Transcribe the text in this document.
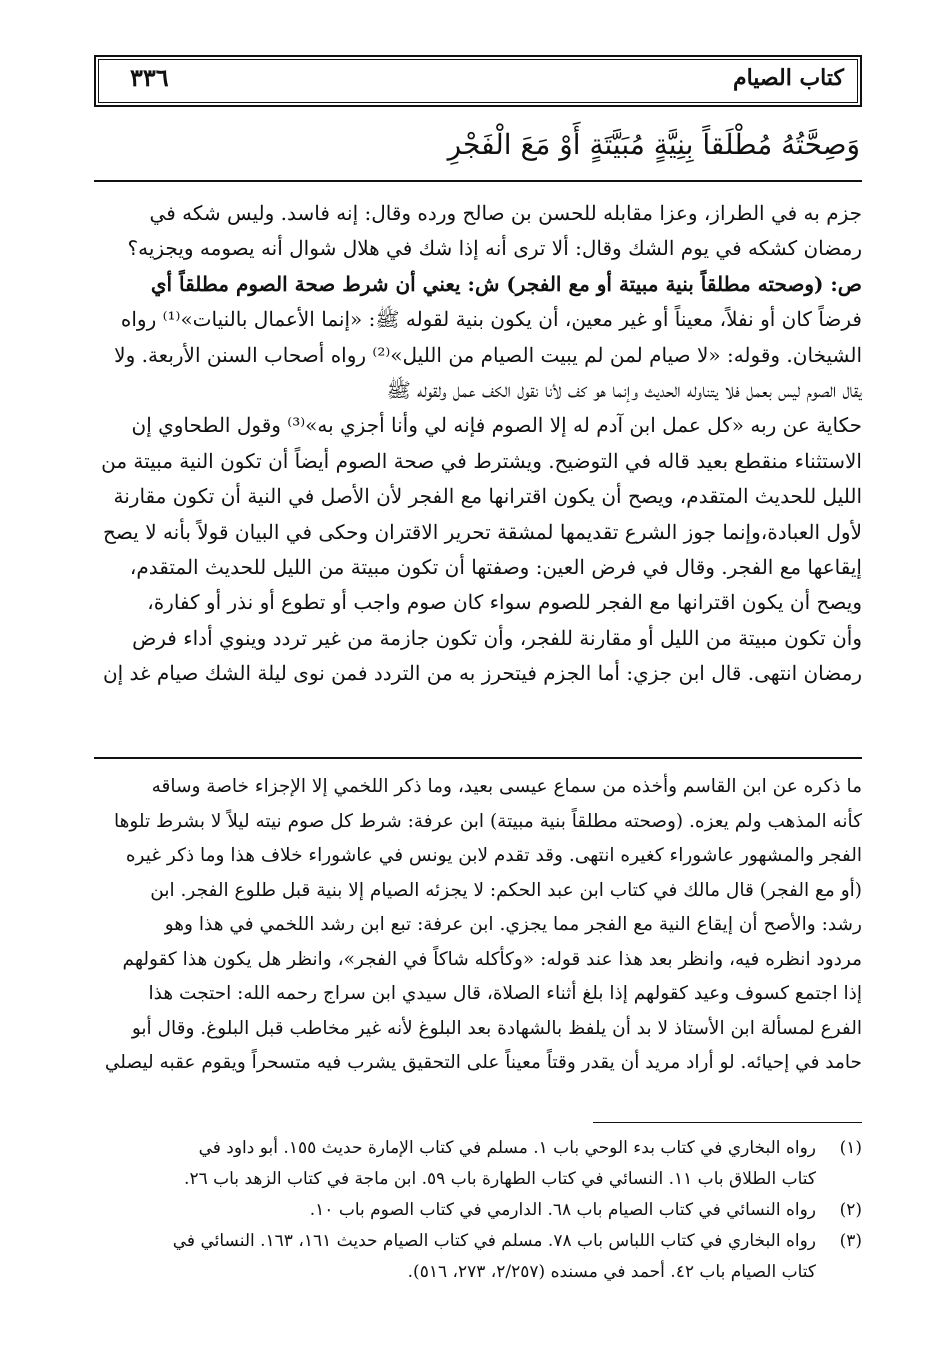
٣٣٦	كتاب الصيام
وَصِحَّتُهُ مُطْلَقاً بِنِيَّةٍ مُبَيَّتَةٍ أَوْ مَعَ الْفَجْرِ
جزم به في الطراز، وعزا مقابله للحسن بن صالح ورده وقال: إنه فاسد. وليس شكه في
رمضان كشكه في يوم الشك وقال: ألا ترى أنه إذا شك في هلال شوال أنه يصومه ويجزيه؟
ص: (وصحته مطلقاً بنية مبيتة أو مع الفجر) ش: يعني أن شرط صحة الصوم مطلقاً أي
فرضاً كان أو نفلاً، معيناً أو غير معين، أن يكون بنية لقوله ﷺ: «إنما الأعمال بالنيات»⁽¹⁾ رواه
الشيخان. وقوله: «لا صيام لمن لم يبيت الصيام من الليل»⁽²⁾ رواه أصحاب السنن الأربعة. ولا
يقال الصوم ليس بعمل فلا يتناوله الحديث وإنما هو كف لأنا نقول الكف عمل ولقوله ﷺ
حكاية عن ربه «كل عمل ابن آدم له إلا الصوم فإنه لي وأنا أجزي به»⁽³⁾ وقول الطحاوي إن
الاستثناء منقطع بعيد قاله في التوضيح. ويشترط في صحة الصوم أيضاً أن تكون النية مبيتة من
الليل للحديث المتقدم، ويصح أن يكون اقترانها مع الفجر لأن الأصل في النية أن تكون مقارنة
لأول العبادة،وإنما جوز الشرع تقديمها لمشقة تحرير الاقتران وحكى في البيان قولاً بأنه لا يصح
إيقاعها مع الفجر. وقال في فرض العين: وصفتها أن تكون مبيتة من الليل للحديث المتقدم،
ويصح أن يكون اقترانها مع الفجر للصوم سواء كان صوم واجب أو تطوع أو نذر أو كفارة،
وأن تكون مبيتة من الليل أو مقارنة للفجر، وأن تكون جازمة من غير تردد وينوي أداء فرض
رمضان انتهى. قال ابن جزي: أما الجزم فيتحرز به من التردد فمن نوى ليلة الشك صيام غد إن
ما ذكره عن ابن القاسم وأخذه من سماع عيسى بعيد، وما ذكر اللخمي إلا الإجزاء خاصة وساقه
كأنه المذهب ولم يعزه. (وصحته مطلقاً بنية مبيتة) ابن عرفة: شرط كل صوم نيته ليلاً لا بشرط تلوها
الفجر والمشهور عاشوراء كغيره انتهى. وقد تقدم لابن يونس في عاشوراء خلاف هذا وما ذكر غيره
(أو مع الفجر) قال مالك في كتاب ابن عبد الحكم: لا يجزئه الصيام إلا بنية قبل طلوع الفجر. ابن
رشد: والأصح أن إيقاع النية مع الفجر مما يجزي. ابن عرفة: تبع ابن رشد اللخمي في هذا وهو
مردود انظره فيه، وانظر بعد هذا عند قوله: «وكأكله شاكاً في الفجر»، وانظر هل يكون هذا كقولهم
إذا اجتمع كسوف وعيد كقولهم إذا بلغ أثناء الصلاة، قال سيدي ابن سراج رحمه الله: احتجت هذا
الفرع لمسألة ابن الأستاذ لا بد أن يلفظ بالشهادة بعد البلوغ لأنه غير مخاطب قبل البلوغ. وقال أبو
حامد في إحيائه. لو أراد مريد أن يقدر وقتاً معيناً على التحقيق يشرب فيه متسحراً ويقوم عقبه ليصلي
(١)
رواه البخاري في كتاب بدء الوحي باب ١. مسلم في كتاب الإمارة حديث ١٥٥. أبو داود في
كتاب الطلاق باب ١١. النسائي في كتاب الطهارة باب ٥٩. ابن ماجة في كتاب الزهد باب ٢٦.
(٢)
رواه النسائي في كتاب الصيام باب ٦٨. الدارمي في كتاب الصوم باب ١٠.
(٣)
رواه البخاري في كتاب اللباس باب ٧٨. مسلم في كتاب الصيام حديث ١٦١، ١٦٣. النسائي في
كتاب الصيام باب ٤٢. أحمد في مسنده (٢/٢٥٧، ٢٧٣، ٥١٦).
